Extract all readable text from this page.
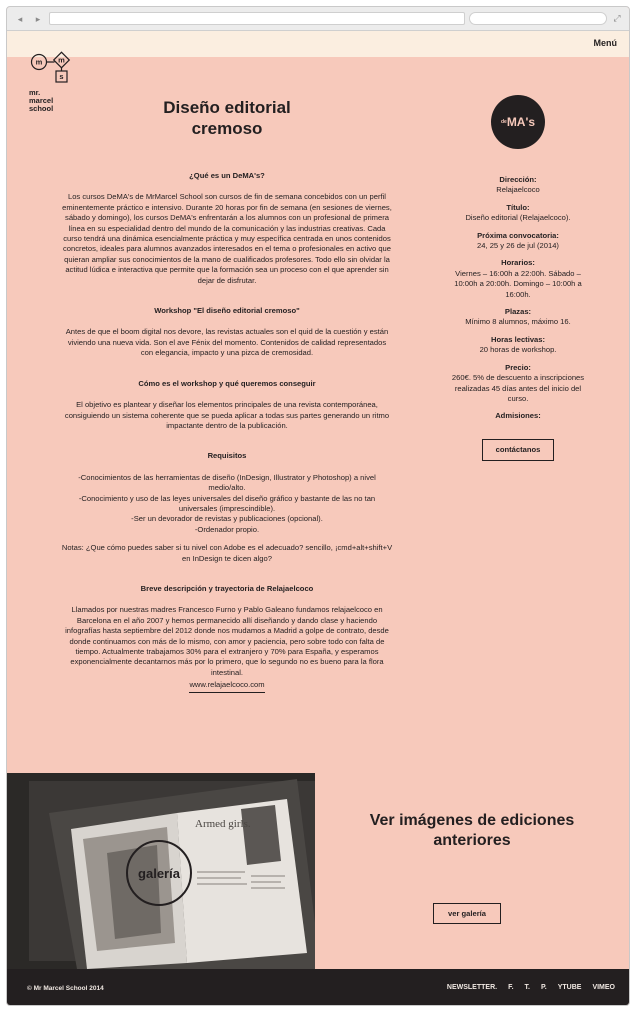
◂	▸	⤢
Menú
m m
s
mr.
marcel
school	Diseño editorial cremoso
¿Qué es un DeMA's?

Los cursos DeMA's de MrMarcel School son cursos de fin de semana concebidos con un perfil eminentemente práctico e intensivo. Durante 20 horas por fin de semana (en sesiones de viernes, sábado y domingo), los cursos DeMA's enfrentarán a los alumnos con un profesional de primera línea en su especialidad dentro del mundo de la comunicación y las industrias creativas. Cada curso tendrá una dinámica esencialmente práctica y muy específica centrada en unos contenidos concretos, ideales para alumnos avanzados interesados en el tema o profesionales en activo que quieran ampliar sus conocimientos de la mano de cualificados profesores. Todo ello sin olvidar la actitud lúdica e interactiva que permite que la formación sea un proceso con el que aprender sin dejar de disfrutar.

Workshop "El diseño editorial cremoso"

Antes de que el boom digital nos devore, las revistas actuales son el quid de la cuestión y están viviendo una nueva vida. Son el ave Fénix del momento. Contenidos de calidad representados con elegancia, impacto y una pizca de cremosidad.

Cómo es el workshop y qué queremos conseguir

El objetivo es plantear y diseñar los elementos principales de una revista contemporánea, consiguiendo un sistema coherente que se pueda aplicar a todas sus partes generando un ritmo impactante dentro de la publicación.

Requisitos
-Conocimientos de las herramientas de diseño (InDesign, Illustrator y Photoshop) a nivel medio/alto.
-Conocimiento y uso de las leyes universales del diseño gráfico y bastante de las no tan universales (imprescindible).
-Ser un devorador de revistas y publicaciones (opcional).
-Ordenador propio.

Notas: ¿Que cómo puedes saber si tu nivel con Adobe es el adecuado? sencillo, ¡cmd+alt+shift+V en InDesign te dicen algo?

Breve descripción y trayectoria de Relajaelcoco

Llamados por nuestras madres Francesco Furno y Pablo Galeano fundamos relajaelcoco en Barcelona en el año 2007 y hemos permanecido allí diseñando y dando clase y haciendo infografías hasta septiembre del 2012 donde nos mudamos a Madrid a golpe de contrato, desde donde continuamos con más de lo mismo, con amor y paciencia, pero sobre todo con falta de tiempo. Actualmente trabajamos 30% para el extranjero y 70% para España, y esperamos exponencialmente decantarnos más por lo primero, que lo segundo no es bueno para la flora intestinal.

www.relajaelcoco.com
$^{de}$MA's
Dirección:
Relajaelcoco
Título:
Diseño editorial (Relajaelcoco).
Próxima convocatoria:
24, 25 y 26 de jul (2014)
Horarios:
Viernes – 16:00h a 22:00h. Sábado – 10:00h a 20:00h. Domingo – 10:00h a 16:00h.
Plazas:
Mínimo 8 alumnos, máximo 16.
Horas lectivas:
20 horas de workshop.
Precio:
260€. 5% de descuento a inscripciones realizadas 45 días antes del inicio del curso.
Admisiones:
contáctanos
Armed girls.
galería
Ver imágenes de ediciones anteriores
ver galería
© Mr Marcel School 2014	NEWSLETTER. F. T. P. YTUBE VIMEO
